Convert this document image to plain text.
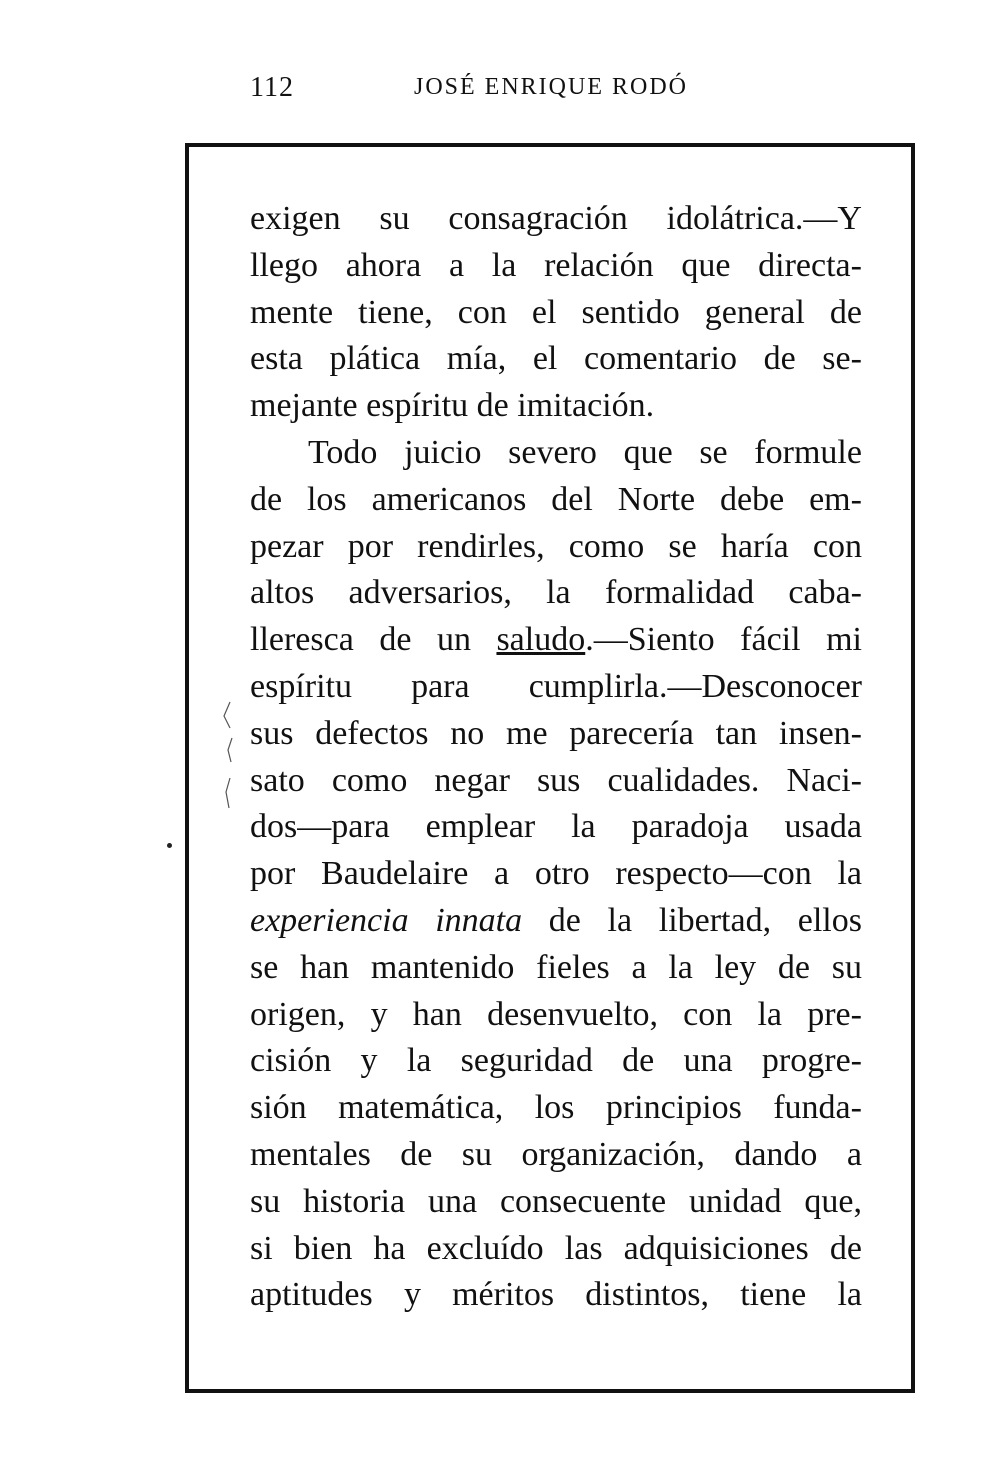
112	JOSÉ ENRIQUE RODÓ
exigen su consagración idolátrica.—Y
llego ahora a la relación que directa-
mente tiene, con el sentido general de
esta plática mía, el comentario de se-
mejante
espíritu
de
imitación.
Todo juicio severo que se formule
de los americanos del Norte debe em-
pezar por rendirles, como se haría con
altos adversarios, la formalidad caba-
lleresca de un saludo.—Siento fácil mi
espíritu para cumplirla.—Desconocer
sus defectos no me parecería tan insen-
sato como negar sus cualidades. Naci-
dos—para emplear la paradoja usada
por Baudelaire a otro respecto—con la
experiencia innata de la libertad, ellos
se han mantenido fieles a la ley de su
origen, y han desenvuelto, con la pre-
cisión y la seguridad de una progre-
sión matemática, los principios funda-
mentales de su organización, dando a
su historia una consecuente unidad que,
si bien ha excluído las adquisiciones de
aptitudes y méritos distintos, tiene la
